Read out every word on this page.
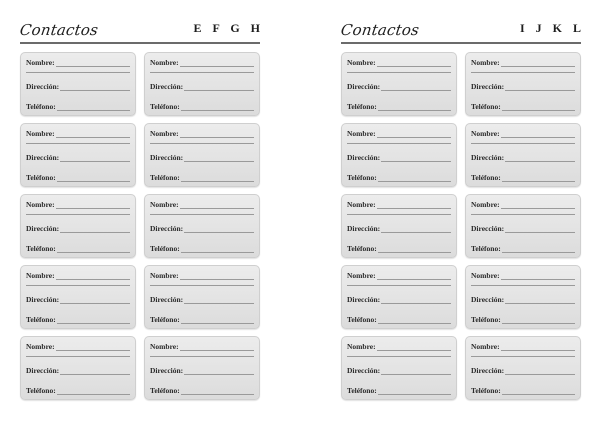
Contactos	E F G H
Nombre:
Dirección:
Teléfono:
Nombre:
Dirección:
Teléfono:
Nombre:
Dirección:
Teléfono:
Nombre:
Dirección:
Teléfono:
Nombre:
Dirección:
Teléfono:
Nombre:
Dirección:
Teléfono:
Nombre:
Dirección:
Teléfono:
Nombre:
Dirección:
Teléfono:
Nombre:
Dirección:
Teléfono:
Nombre:
Dirección:
Teléfono:
Contactos	I J K L
Nombre:
Dirección:
Teléfono:
Nombre:
Dirección:
Teléfono:
Nombre:
Dirección:
Teléfono:
Nombre:
Dirección:
Teléfono:
Nombre:
Dirección:
Teléfono:
Nombre:
Dirección:
Teléfono:
Nombre:
Dirección:
Teléfono:
Nombre:
Dirección:
Teléfono:
Nombre:
Dirección:
Teléfono:
Nombre:
Dirección:
Teléfono:
